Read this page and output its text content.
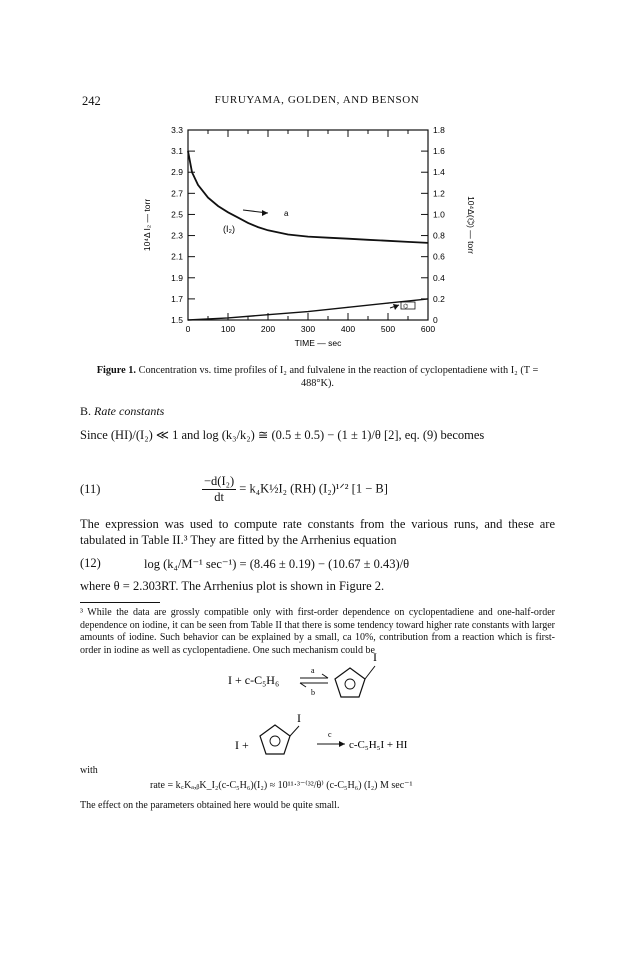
242	FURUYAMA, GOLDEN, AND BENSON
0	100	200	300	400	500	600
3.3
3.1
2.9
2.7
2.5
2.3
2.1
1.9
1.7
1.5
1.8
1.6
1.4
1.2
1.0
0.8
0.6
0.4
0.2
0
(I₂)
a
⌬
TIME — sec
10⁴Δ I₂ — torr	10⁴Δ(⌬) — torr
Figure 1. Concentration vs. time profiles of I₂ and fulvalene in the reaction of cyclopentadiene with I₂ (T = 488°K).
B. Rate constants
Since (HI)/(I₂) ≪ 1 and log (k₃/k₂) ≅ (0.5 ± 0.5) − (1 ± 1)/θ [2], eq. (9) becomes
(11)	$\frac{\text{−d(I₂)}}{dt}$ = k₄K½I₂ (RH) (I₂)¹ᐟ² [1 − B]
The expression was used to compute rate constants from the various runs, and these are tabulated in Table II.³ They are fitted by the Arrhenius equation
(12)	log (k₄/M⁻¹ sec⁻¹) = (8.46 ± 0.19) − (10.67 ± 0.43)/θ
where θ = 2.303RT. The Arrhenius plot is shown in Figure 2.
³ While the data are grossly compatible only with first-order dependence on cyclopentadiene and one-half-order dependence on iodine, it can be seen from Table II that there is some tendency toward higher rate constants with larger amounts of iodine. Such behavior can be explained by a small, ca 10%, contribution from a reaction which is first-order in iodine as well as cyclopentadiene. One such mechanism could be
I + c-C₅H₆
a
b
I
I +
I
c
c-C₅H₅I + HI
with
rate = k꜀Kₐ,ᵦK_I₂(c-C₅H₆)(I₂) ≈ 10¹¹·³⁻⁽³²/θ⁾ (c-C₅H₆) (I₂) M sec⁻¹
The effect on the parameters obtained here would be quite small.
